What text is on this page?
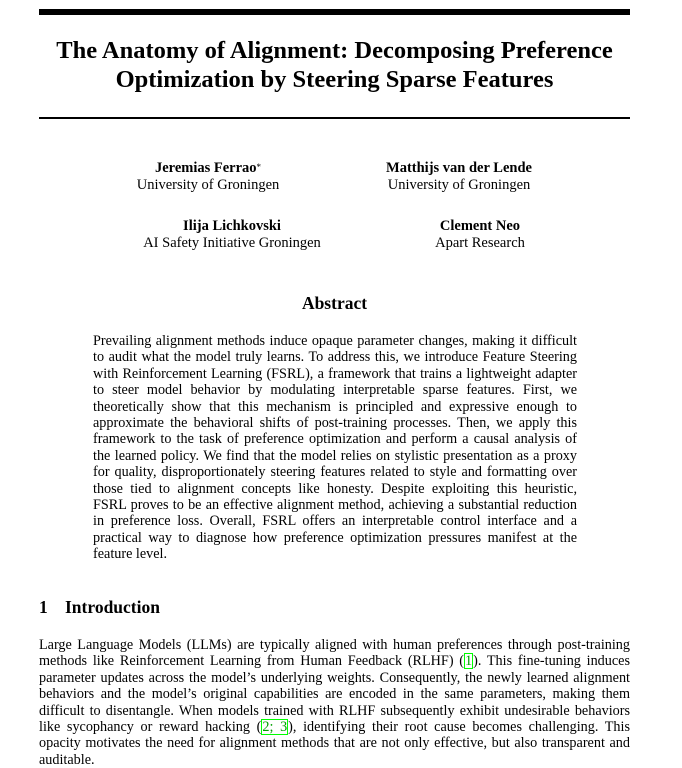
The Anatomy of Alignment: Decomposing Preference
Optimization by Steering Sparse Features
Jeremias Ferrao*
University of Groningen
Matthijs van der Lende
University of Groningen
Ilija Lichkovski
AI Safety Initiative Groningen
Clement Neo
Apart Research
Abstract
Prevailing alignment methods induce opaque parameter changes, making it difficult
to audit what the model truly learns. To address this, we introduce Feature Steering
with Reinforcement Learning (FSRL), a framework that trains a lightweight adapter
to steer model behavior by modulating interpretable sparse features. First, we
theoretically show that this mechanism is principled and expressive enough to
approximate the behavioral shifts of post-training processes. Then, we apply this
framework to the task of preference optimization and perform a causal analysis of
the learned policy. We find that the model relies on stylistic presentation as a proxy
for quality, disproportionately steering features related to style and formatting over
those tied to alignment concepts like honesty. Despite exploiting this heuristic,
FSRL proves to be an effective alignment method, achieving a substantial reduction
in preference loss. Overall, FSRL offers an interpretable control interface and a
practical way to diagnose how preference optimization pressures manifest at the
feature level.
1 Introduction
Large Language Models (LLMs) are typically aligned with human preferences through post-training
methods like Reinforcement Learning from Human Feedback (RLHF) (1). This fine-tuning induces
parameter updates across the model’s underlying weights. Consequently, the newly learned alignment
behaviors and the model’s original capabilities are encoded in the same parameters, making them
difficult to disentangle. When models trained with RLHF subsequently exhibit undesirable behaviors
like sycophancy or reward hacking (2; 3), identifying their root cause becomes challenging. This
opacity motivates the need for alignment methods that are not only effective, but also transparent and
auditable.
